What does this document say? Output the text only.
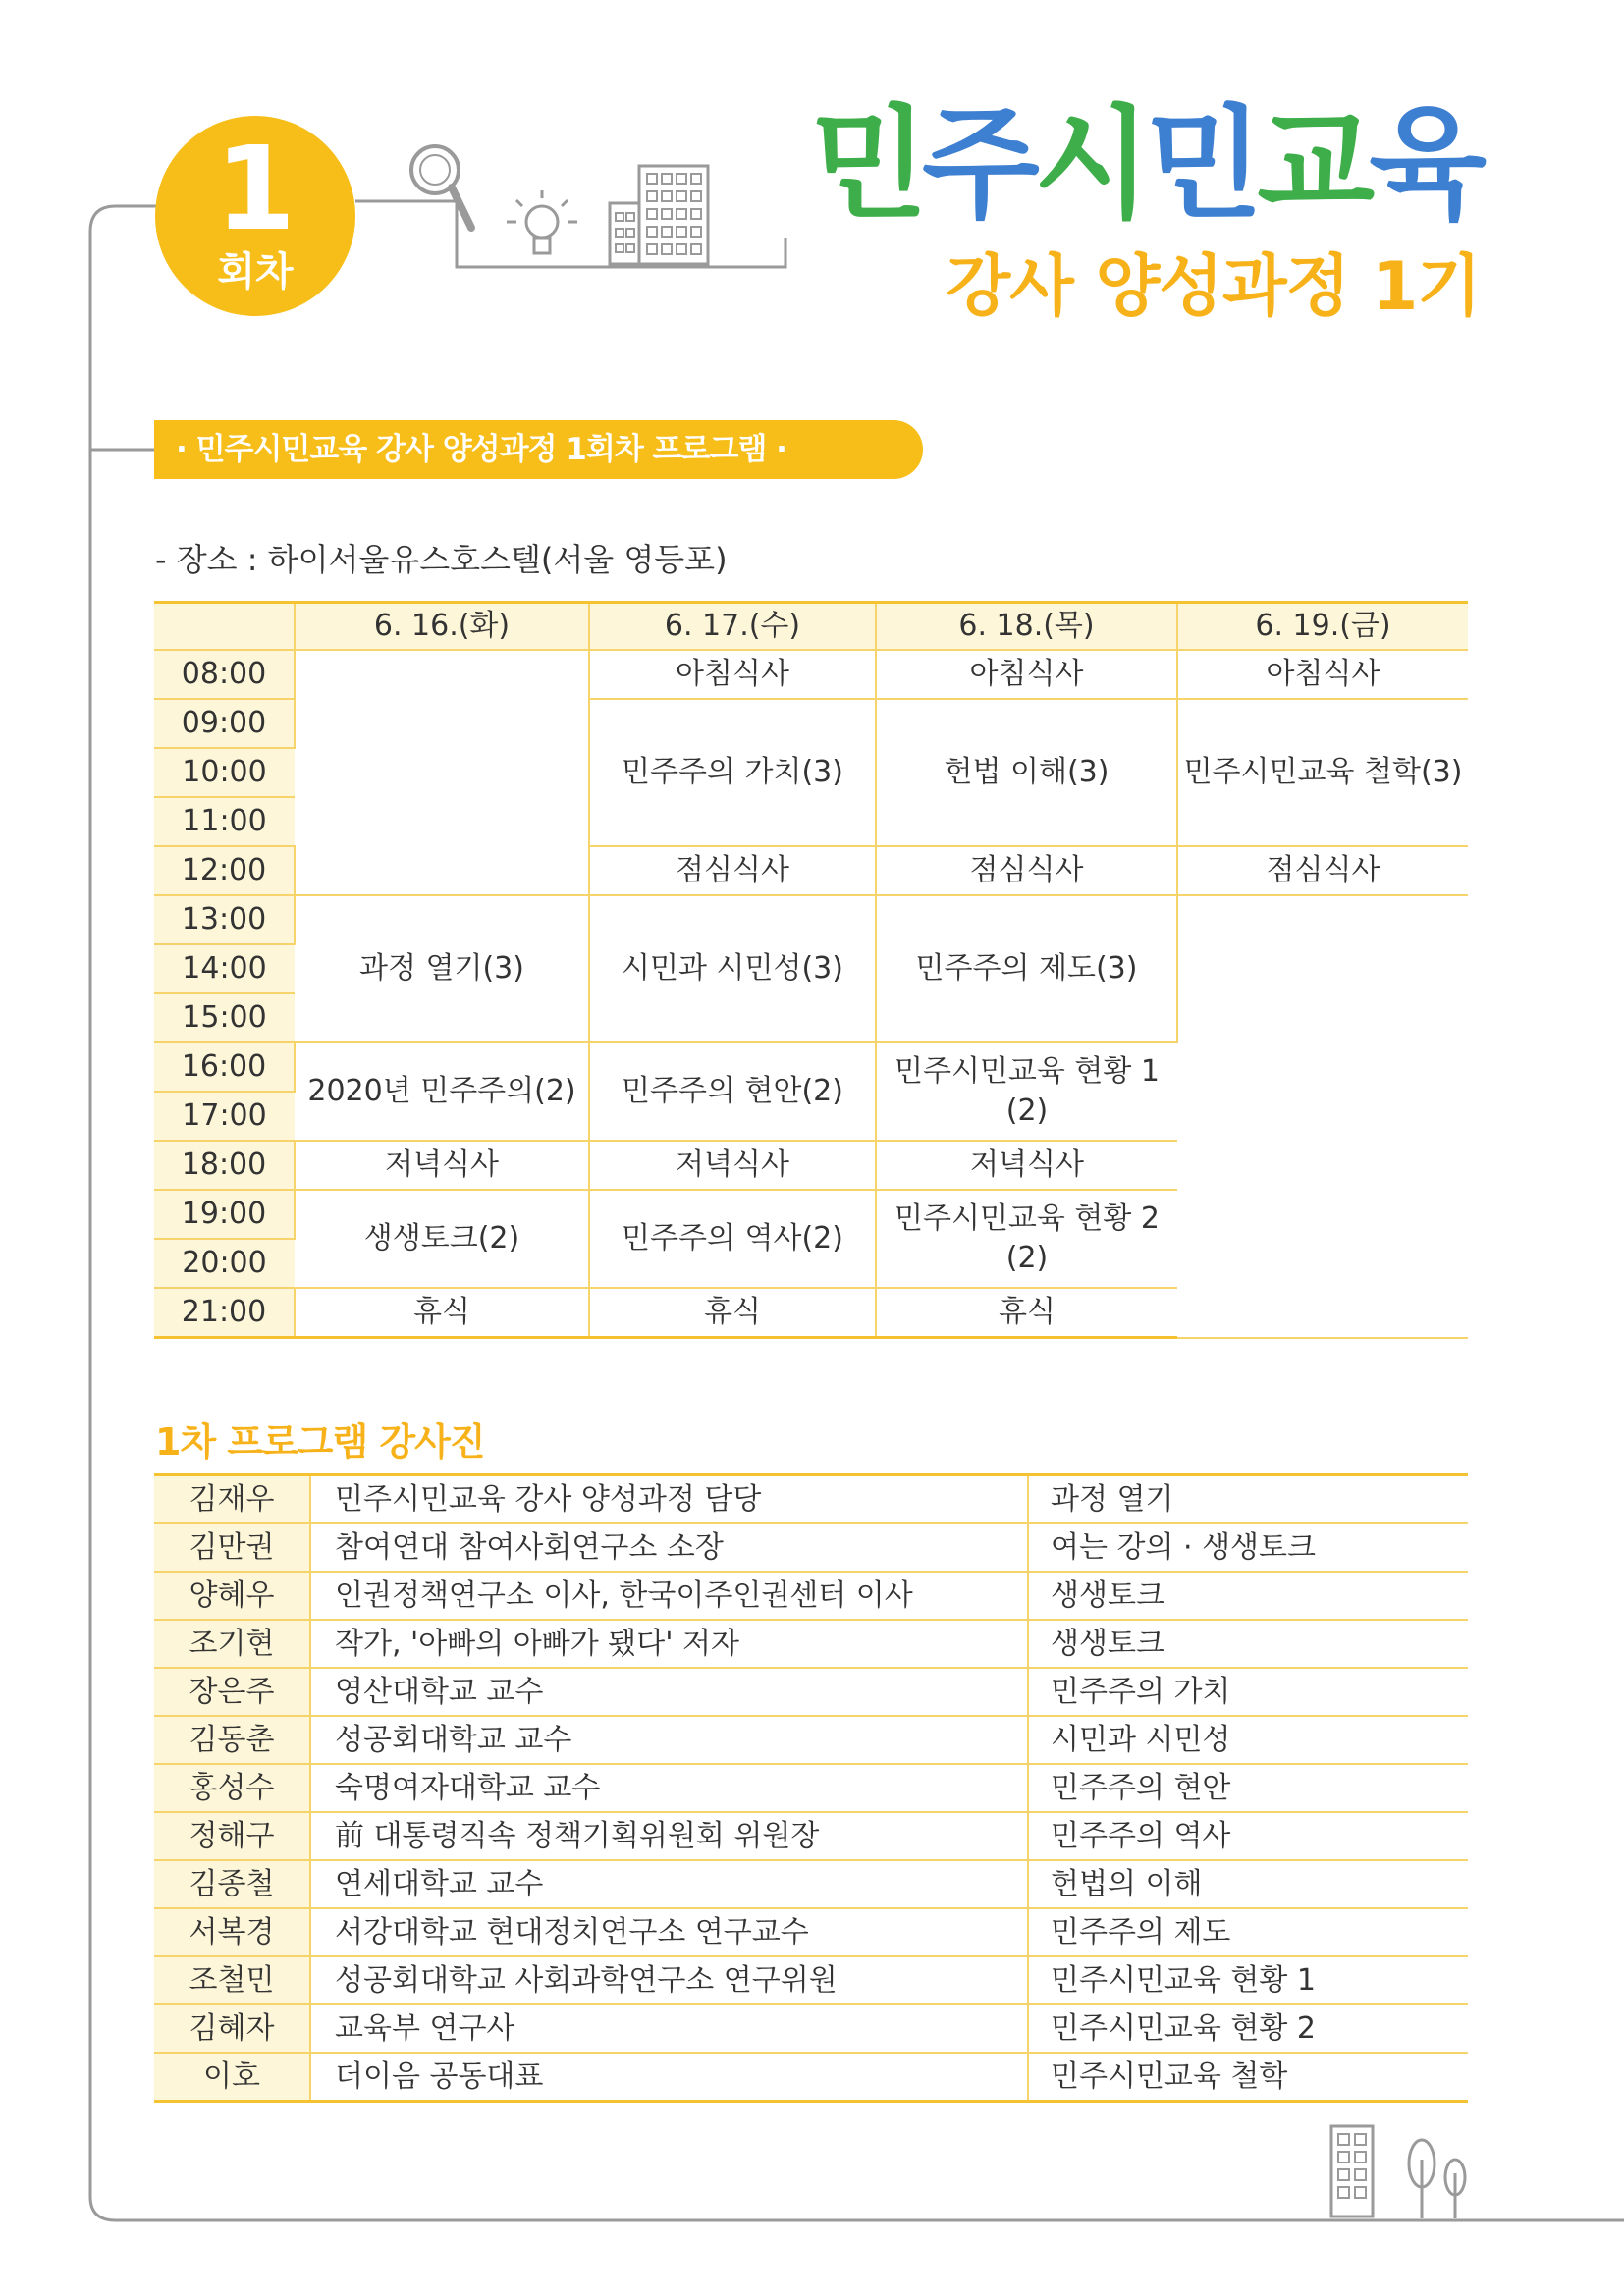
1
회차
민주시민교육
강사 양성과정 1기
· 민주시민교육 강사 양성과정 1회차 프로그램 ·
- 장소 : 하이서울유스호스텔(서울 영등포)
	6. 16.(화)	6. 17.(수)	6. 18.(목)	6. 19.(금)
08:00		아침식사	아침식사	아침식사
09:00		민주주의 가치(3)	헌법 이해(3)	민주시민교육 철학(3)
10:00				
11:00				
12:00		점심식사	점심식사	점심식사
13:00	과정 열기(3)	시민과 시민성(3)	민주주의 제도(3)	
14:00				
15:00				
16:00	2020년 민주주의(2)	민주주의 현안(2)	민주시민교육 현황 1
(2)	

17:00				
18:00	저녁식사	저녁식사	저녁식사	
19:00	생생토크(2)	민주주의 역사(2)	민주시민교육 현황 2
(2)	

20:00				
21:00	휴식	휴식	휴식	
1차 프로그램 강사진
김재우	민주시민교육 강사 양성과정 담당	과정 열기
김만권	참여연대 참여사회연구소 소장	여는 강의 · 생생토크
양혜우	인권정책연구소 이사, 한국이주인권센터 이사	생생토크
조기현	작가, '아빠의 아빠가 됐다' 저자	생생토크
장은주	영산대학교 교수	민주주의 가치
김동춘	성공회대학교 교수	시민과 시민성
홍성수	숙명여자대학교 교수	민주주의 현안
정해구	前 대통령직속 정책기획위원회 위원장	민주주의 역사
김종철	연세대학교 교수	헌법의 이해
서복경	서강대학교 현대정치연구소 연구교수	민주주의 제도
조철민	성공회대학교 사회과학연구소 연구위원	민주시민교육 현황 1
김혜자	교육부 연구사	민주시민교육 현황 2
이호	더이음 공동대표	민주시민교육 철학
